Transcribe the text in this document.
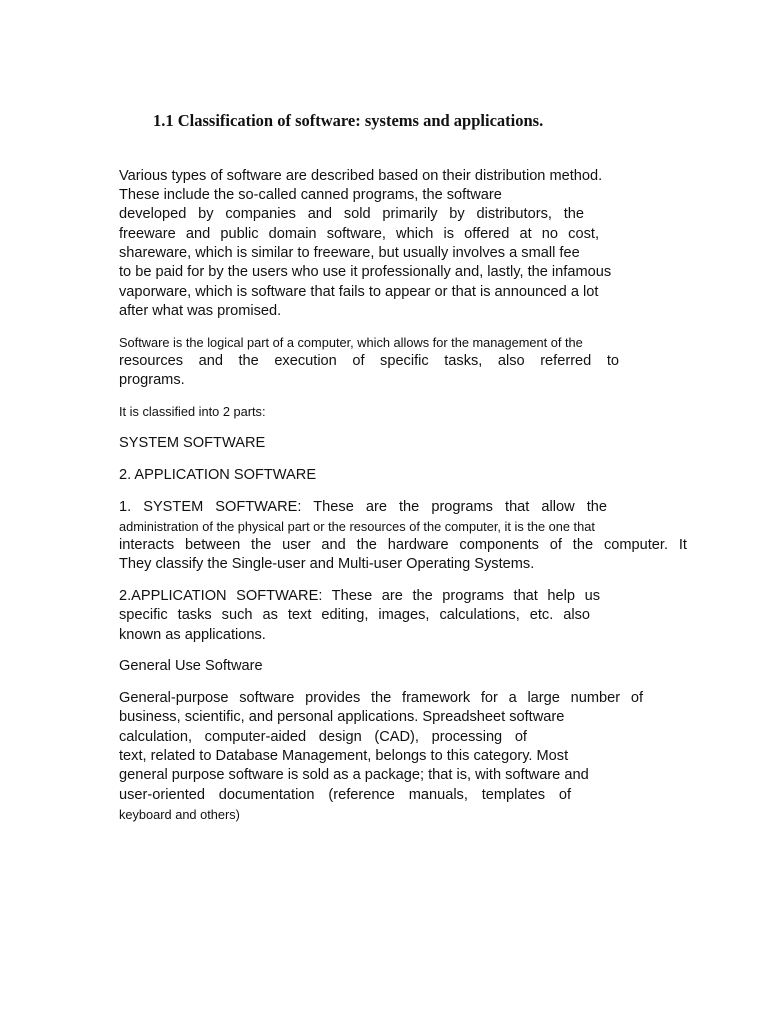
1.1 Classification of software: systems and applications.

Various types of software are described based on their distribution method.

These include the so-called canned programs, the software

developed by companies and sold primarily by distributors, the

freeware and public domain software, which is offered at no cost,

shareware, which is similar to freeware, but usually involves a small fee

to be paid for by the users who use it professionally and, lastly, the infamous

vaporware, which is software that fails to appear or that is announced a lot

after what was promised.

Software is the logical part of a computer, which allows for the management of the

resources and the execution of specific tasks, also referred to

programs.

It is classified into 2 parts:

SYSTEM SOFTWARE

2. APPLICATION SOFTWARE

1. SYSTEM SOFTWARE: These are the programs that allow the

administration of the physical part or the resources of the computer, it is the one that

interacts between the user and the hardware components of the computer. It

They classify the Single-user and Multi-user Operating Systems.

2.APPLICATION SOFTWARE: These are the programs that help us

specific tasks such as text editing, images, calculations, etc. also

known as applications.

General Use Software

General-purpose software provides the framework for a large number of

business, scientific, and personal applications. Spreadsheet software

calculation, computer-aided design (CAD), processing of

text, related to Database Management, belongs to this category. Most

general purpose software is sold as a package; that is, with software and

user-oriented documentation (reference manuals, templates of

keyboard and others)
